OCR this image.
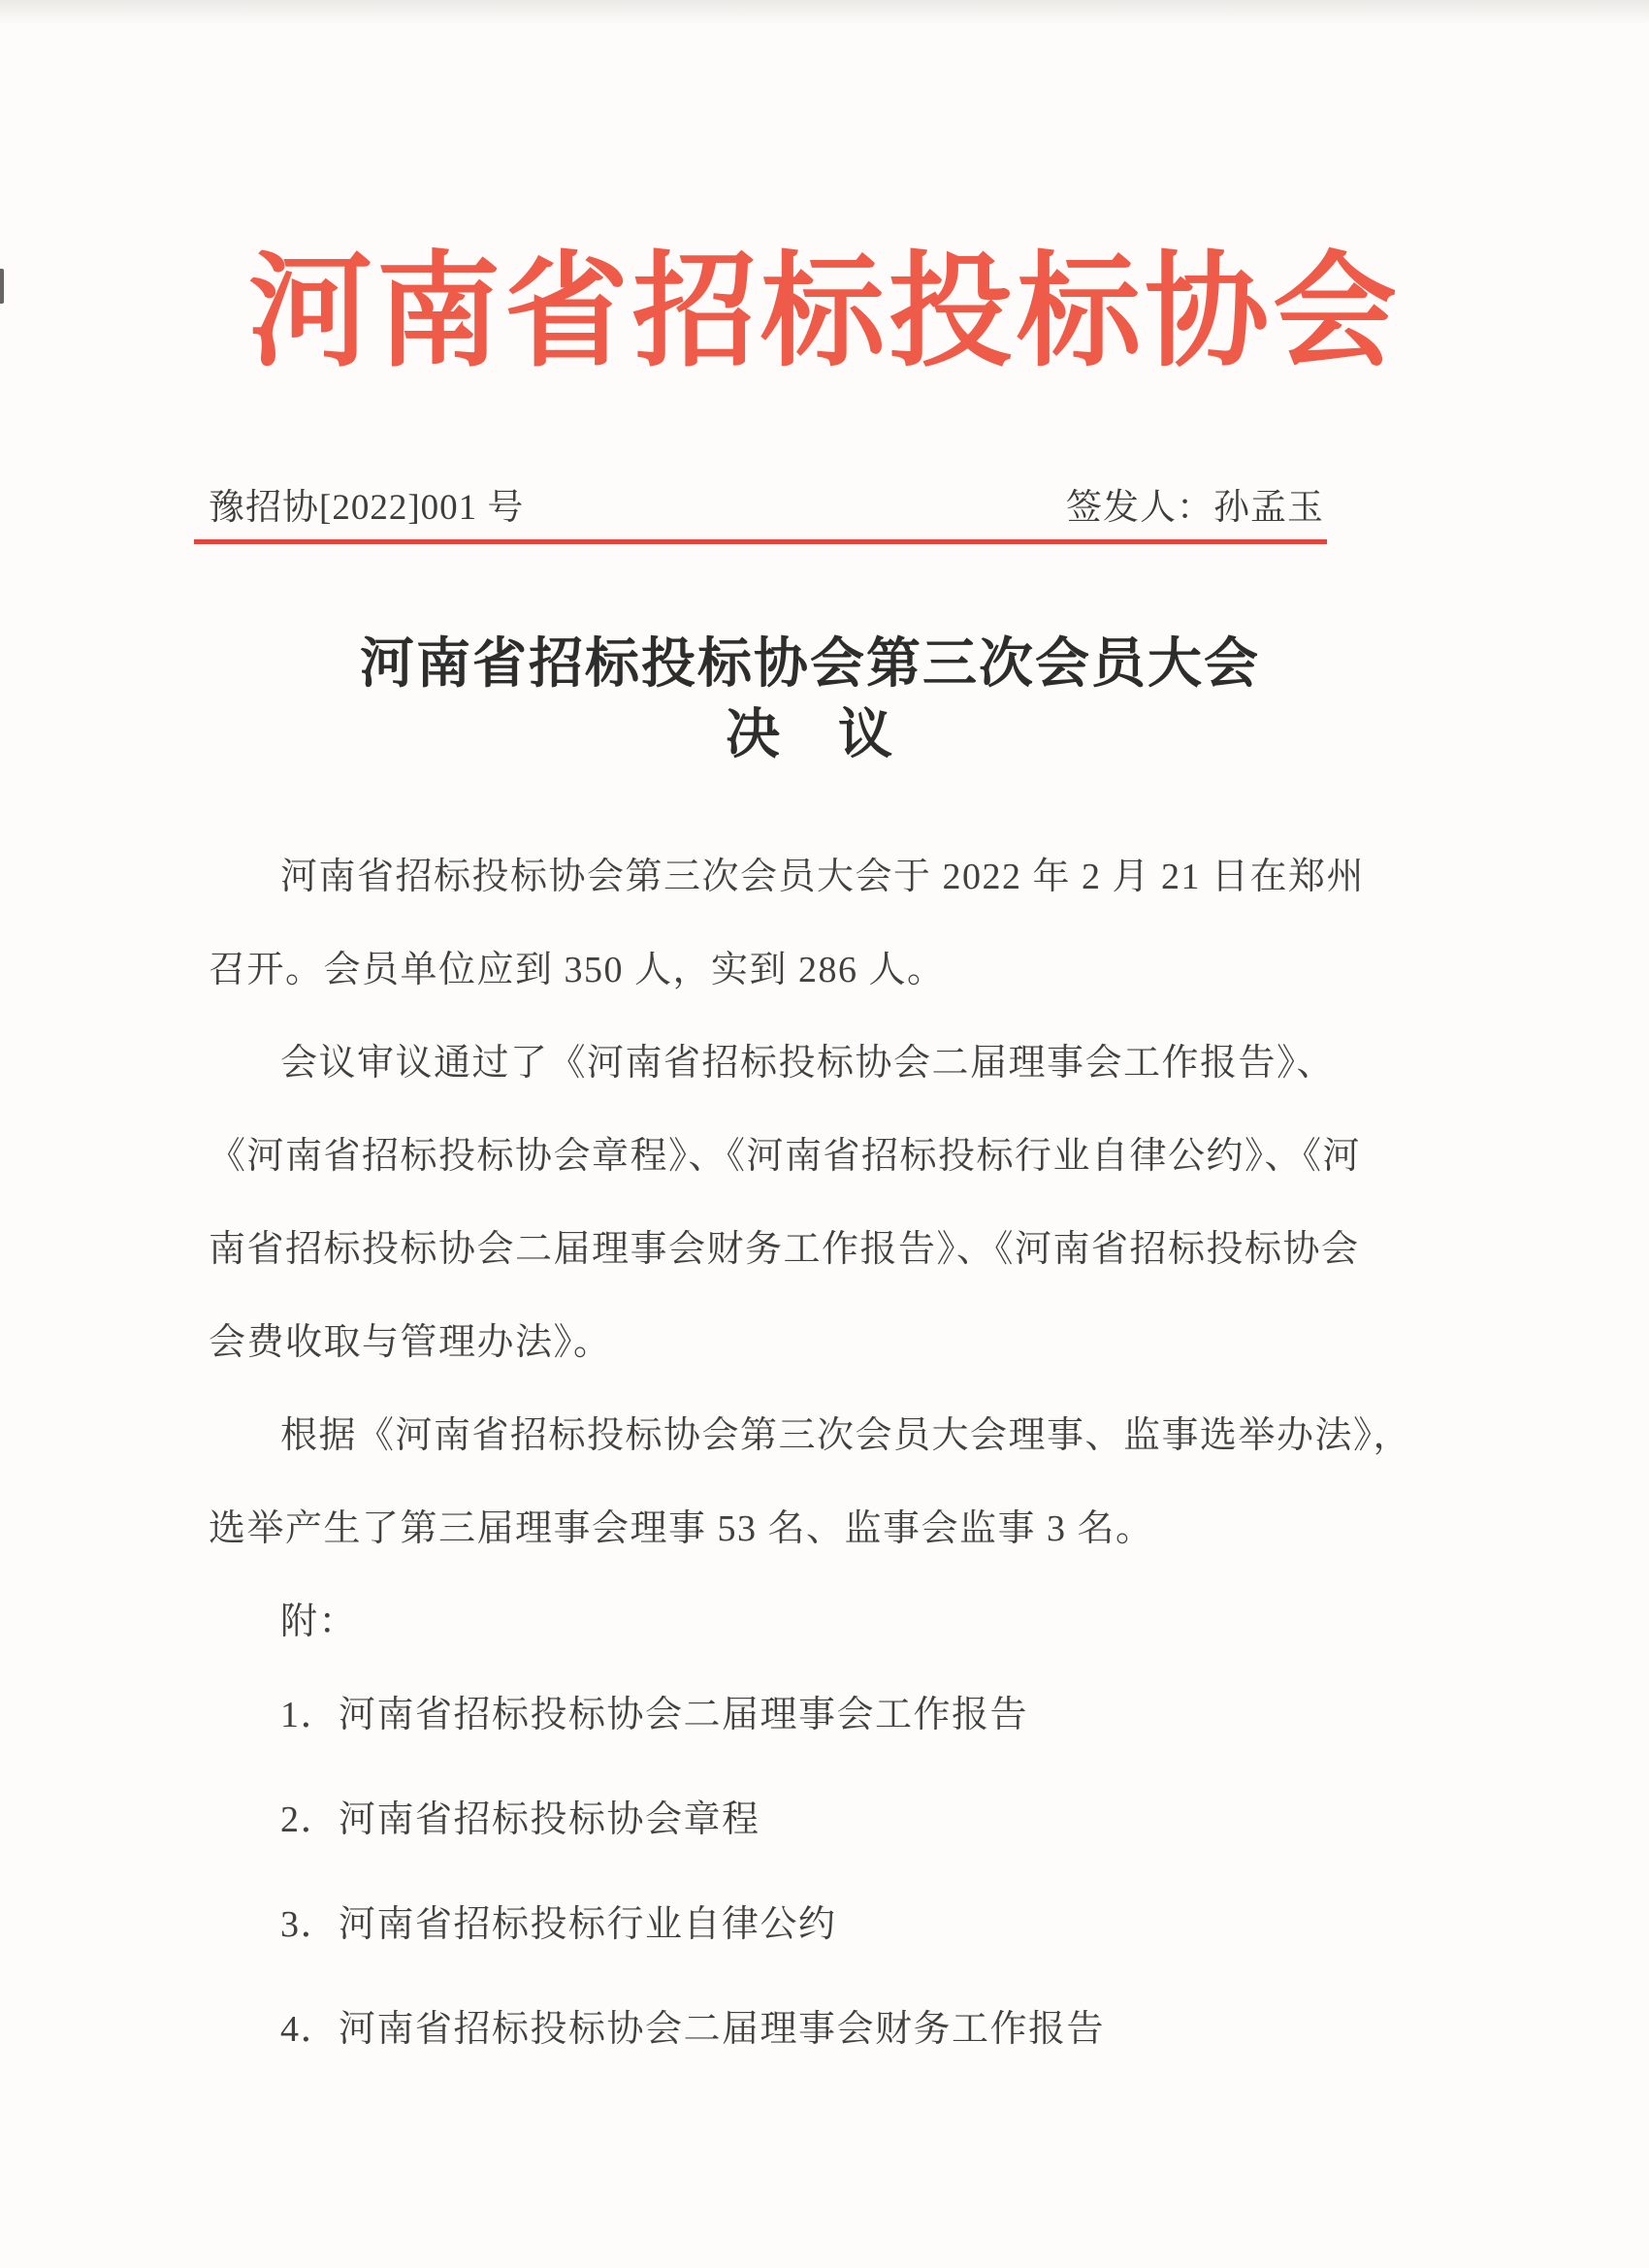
河南省招标投标协会
豫招协[2022]001 号	签发人：孙孟玉
河南省招标投标协会第三次会员大会
决　议
河南省招标投标协会第三次会员大会于 2022 年 2 月 21 日在郑州
召开。会员单位应到 350 人，实到 286 人。
会议审议通过了《河南省招标投标协会二届理事会工作报告》、
《河南省招标投标协会章程》、《河南省招标投标行业自律公约》、《河
南省招标投标协会二届理事会财务工作报告》、《河南省招标投标协会
会费收取与管理办法》。
根据《河南省招标投标协会第三次会员大会理事、监事选举办法》，
选举产生了第三届理事会理事 53 名、监事会监事 3 名。
附：
1．河南省招标投标协会二届理事会工作报告
2．河南省招标投标协会章程
3．河南省招标投标行业自律公约
4．河南省招标投标协会二届理事会财务工作报告
